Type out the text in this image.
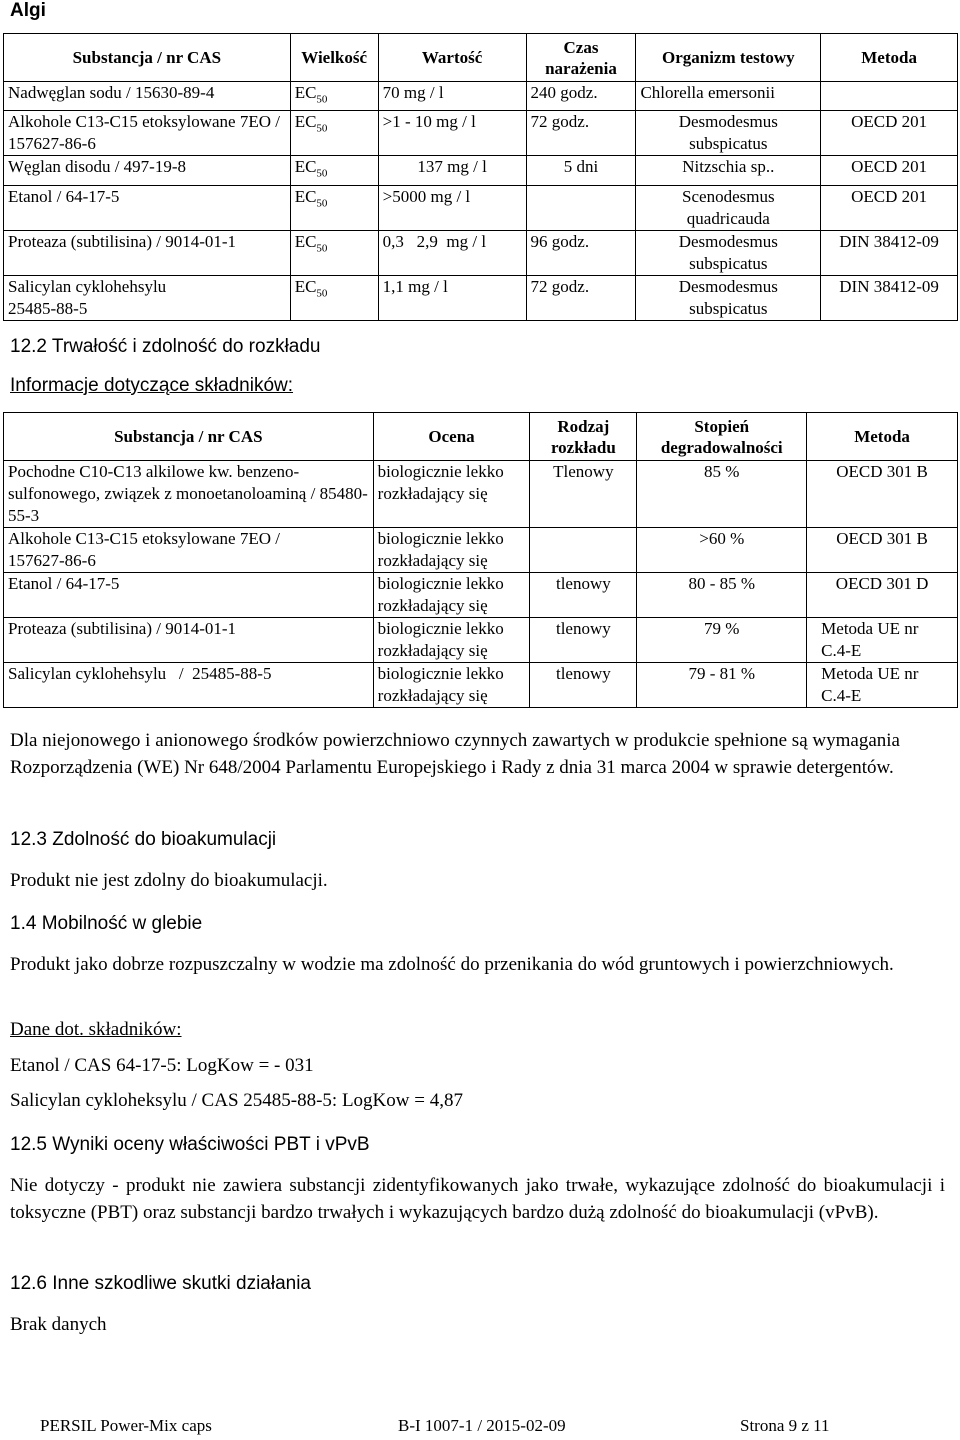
Algi
Substancja / nr CAS	Wielkość	Wartość	Czas narażenia	Organizm testowy	Metoda
Nadwęglan sodu / 15630-89-4	$EC_{50}$	70 mg / l	240 godz.	Chlorella emersonii	
Alkohole C13-C15 etoksylowane 7EO / 157627-86-6	$EC_{50}$	>1 - 10 mg / l	72 godz.	Desmodesmus subspicatus	OECD 201
Węglan disodu / 497-19-8	$EC_{50}$	137 mg / l	5 dni	Nitzschia sp..	OECD 201
Etanol / 64-17-5	$EC_{50}$	>5000 mg / l		Scenodesmus quadricauda	OECD 201
Proteaza (subtilisina) / 9014-01-1	$EC_{50}$	0,3   2,9  mg / l	96 godz.	Desmodesmus subspicatus	DIN 38412-09
Salicylan cyklohehsylu 25485-88-5	$EC_{50}$	1,1 mg / l	72 godz.	Desmodesmus subspicatus	DIN 38412-09
12.2 Trwałość i zdolność do rozkładu
Informacje dotyczące składników:
Substancja / nr CAS	Ocena	Rodzaj rozkładu	Stopień degradowalności	Metoda
Pochodne C10-C13 alkilowe kw. benzeno-sulfonowego, związek z monoetanoloaminą / 85480-55-3	biologicznie lekko rozkładający się	Tlenowy	85 %	OECD 301 B
Alkohole C13-C15 etoksylowane 7EO / 157627-86-6	biologicznie lekko rozkładający się		>60 %	OECD 301 B
Etanol / 64-17-5	biologicznie lekko rozkładający się	tlenowy	80 - 85 %	OECD 301 D
Proteaza (subtilisina) / 9014-01-1	biologicznie lekko rozkładający się	tlenowy	79 %	Metoda UE nr C.4-E
Salicylan cyklohehsylu   /  25485-88-5	biologicznie lekko rozkładający się	tlenowy	79 - 81 %	Metoda UE nr C.4-E
Dla niejonowego i anionowego środków powierzchniowo czynnych zawartych w produkcie spełnione są wymagania Rozporządzenia (WE) Nr 648/2004 Parlamentu Europejskiego i Rady z dnia 31 marca 2004 w sprawie detergentów.
12.3 Zdolność do bioakumulacji
Produkt nie jest zdolny do bioakumulacji.
1.4 Mobilność w glebie
Produkt jako dobrze rozpuszczalny w wodzie ma zdolność do przenikania do wód gruntowych i powierzchniowych.
Dane dot. składników:
Etanol / CAS 64-17-5: LogKow = - 031
Salicylan cykloheksylu / CAS 25485-88-5: LogKow = 4,87
12.5 Wyniki oceny właściwości PBT i vPvB
Nie dotyczy - produkt nie zawiera substancji zidentyfikowanych jako trwałe, wykazujące zdolność do bioakumulacji i toksyczne (PBT) oraz substancji bardzo trwałych i wykazujących bardzo dużą zdolność do bioakumulacji (vPvB).
12.6 Inne szkodliwe skutki działania
Brak danych
PERSIL Power-Mix caps	B-I 1007-1 / 2015-02-09	Strona 9 z 11
